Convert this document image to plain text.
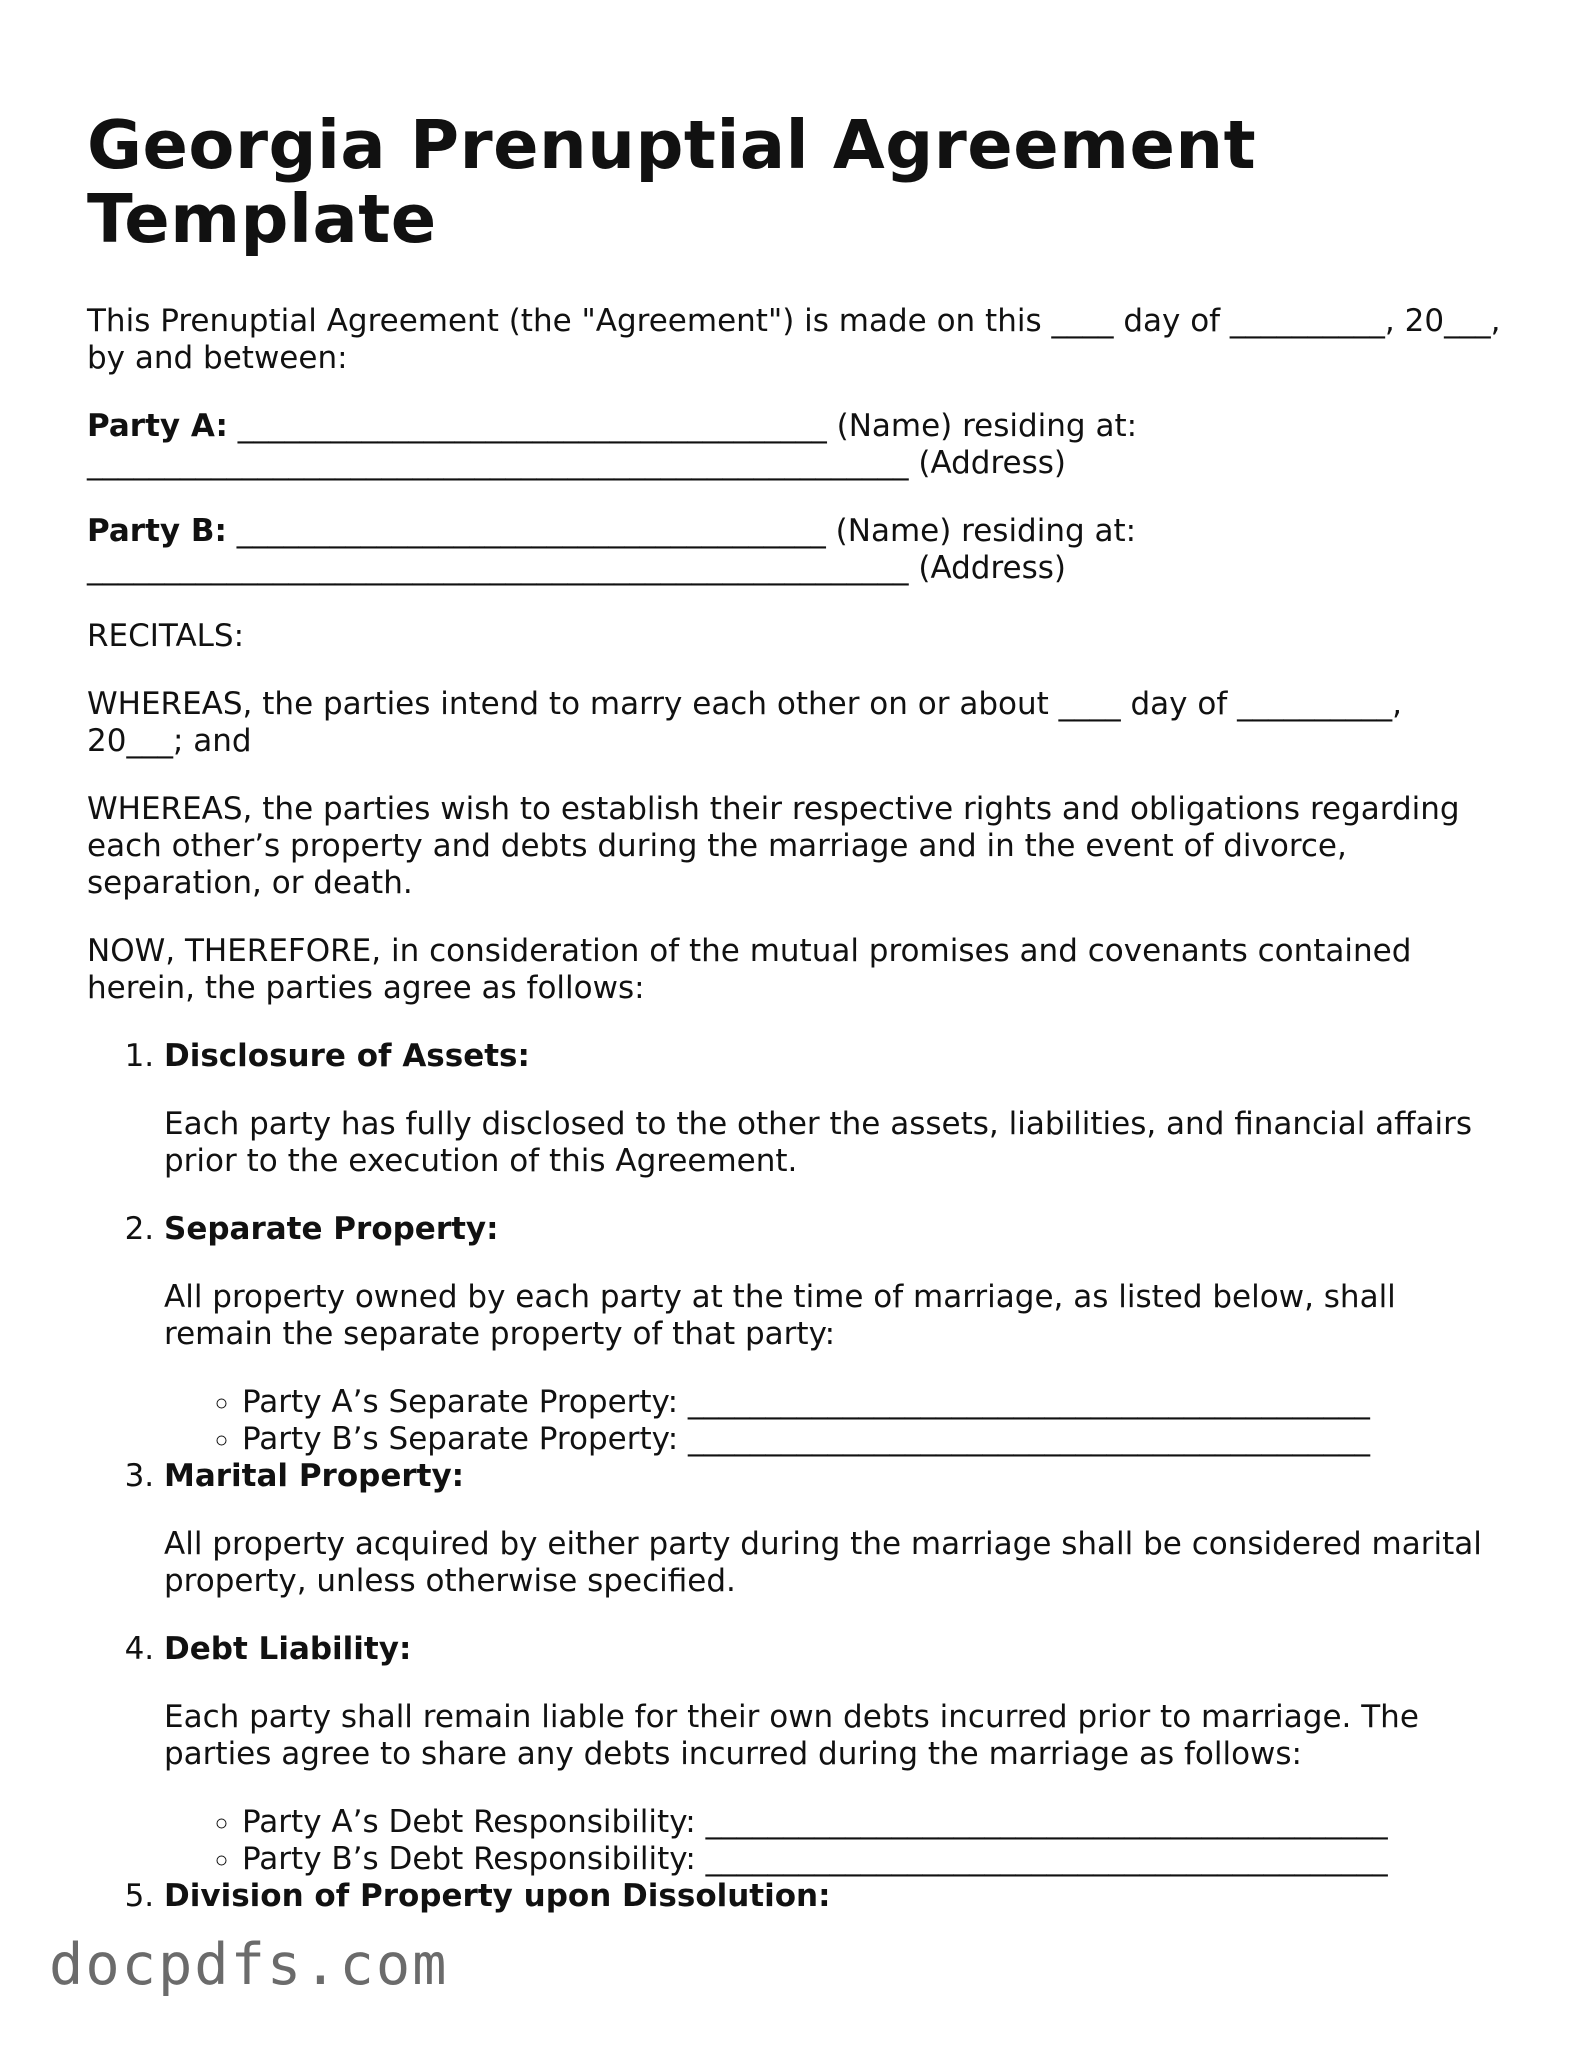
Georgia Prenuptial Agreement Template

This Prenuptial Agreement (the "Agreement") is made on this ____ day of __________, 20___, by and between:

Party A: ______________________________________ (Name) residing at:
_____________________________________________________ (Address)

Party B: ______________________________________ (Name) residing at:
_____________________________________________________ (Address)

RECITALS:

WHEREAS, the parties intend to marry each other on or about ____ day of __________, 20___; and

WHEREAS, the parties wish to establish their respective rights and obligations regarding each other’s property and debts during the marriage and in the event of divorce, separation, or death.

NOW, THEREFORE, in consideration of the mutual promises and covenants contained herein, the parties agree as follows:

1. Disclosure of Assets:
Each party has fully disclosed to the other the assets, liabilities, and financial affairs prior to the execution of this Agreement.
2. Separate Property:
All property owned by each party at the time of marriage, as listed below, shall remain the separate property of that party:
◦ Party A’s Separate Property: ____________________________________________
◦ Party B’s Separate Property: ____________________________________________
3. Marital Property:
All property acquired by either party during the marriage shall be considered marital property, unless otherwise specified.
4. Debt Liability:
Each party shall remain liable for their own debts incurred prior to marriage. The parties agree to share any debts incurred during the marriage as follows:
◦ Party A’s Debt Responsibility: ____________________________________________
◦ Party B’s Debt Responsibility: ____________________________________________
5. Division of Property upon Dissolution:
docpdfs.com
